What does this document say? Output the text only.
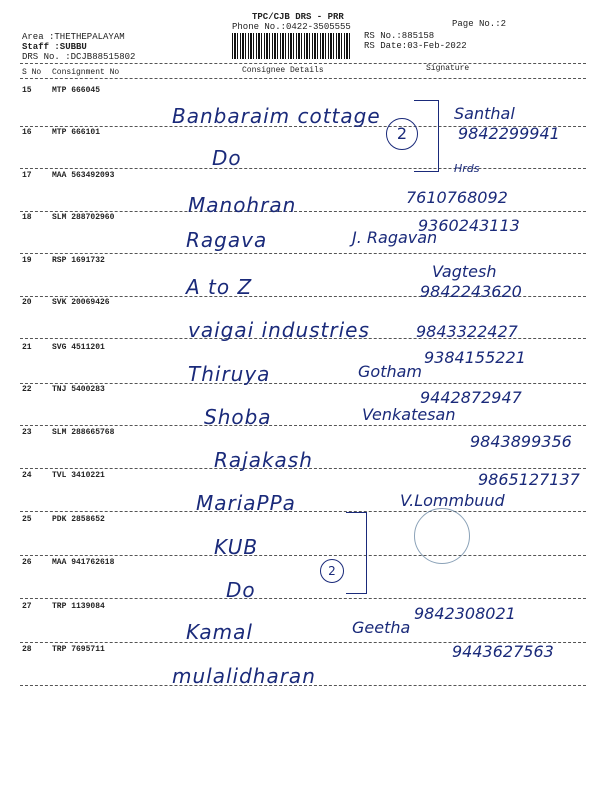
TPC/CJB DRS - PRR
Phone No.:0422-3505555	Page No.:2
Area :THETHEPALAYAM
Staff :SUBBU
DRS No. :DCJB88515802
RS No.:885158
RS Date:03-Feb-2022
S No Consignment No	Consignee Details	Signature
15	MTP 666045
Banbaraim cottage	Santhal
9842299941
16	MTP 666101
Do
17	MAA 563492093
Manohran	7610768092
18	SLM 288702960
Ragava	J. Ragavan
9360243113
19	RSP 1691732
A to Z
Vagtesh
9842243620
20	SVK 20069426
vaigai industries	9843322427
21	SVG 4511201
Thiruya	Gotham
9384155221
22	TNJ 5400283
Shoba	Venkatesan
9442872947
23	SLM 288665768
Rajakash
9843899356
24	TVL 3410221
MariaPPa	V.Lommbuud
9865127137
25	PDK 2858652
KUB
26	MAA 941762618
Do
27	TRP 1139084
Kamal	Geetha
9842308021
28	TRP 7695711
mulalidharan
9443627563
2
2
Hrds
